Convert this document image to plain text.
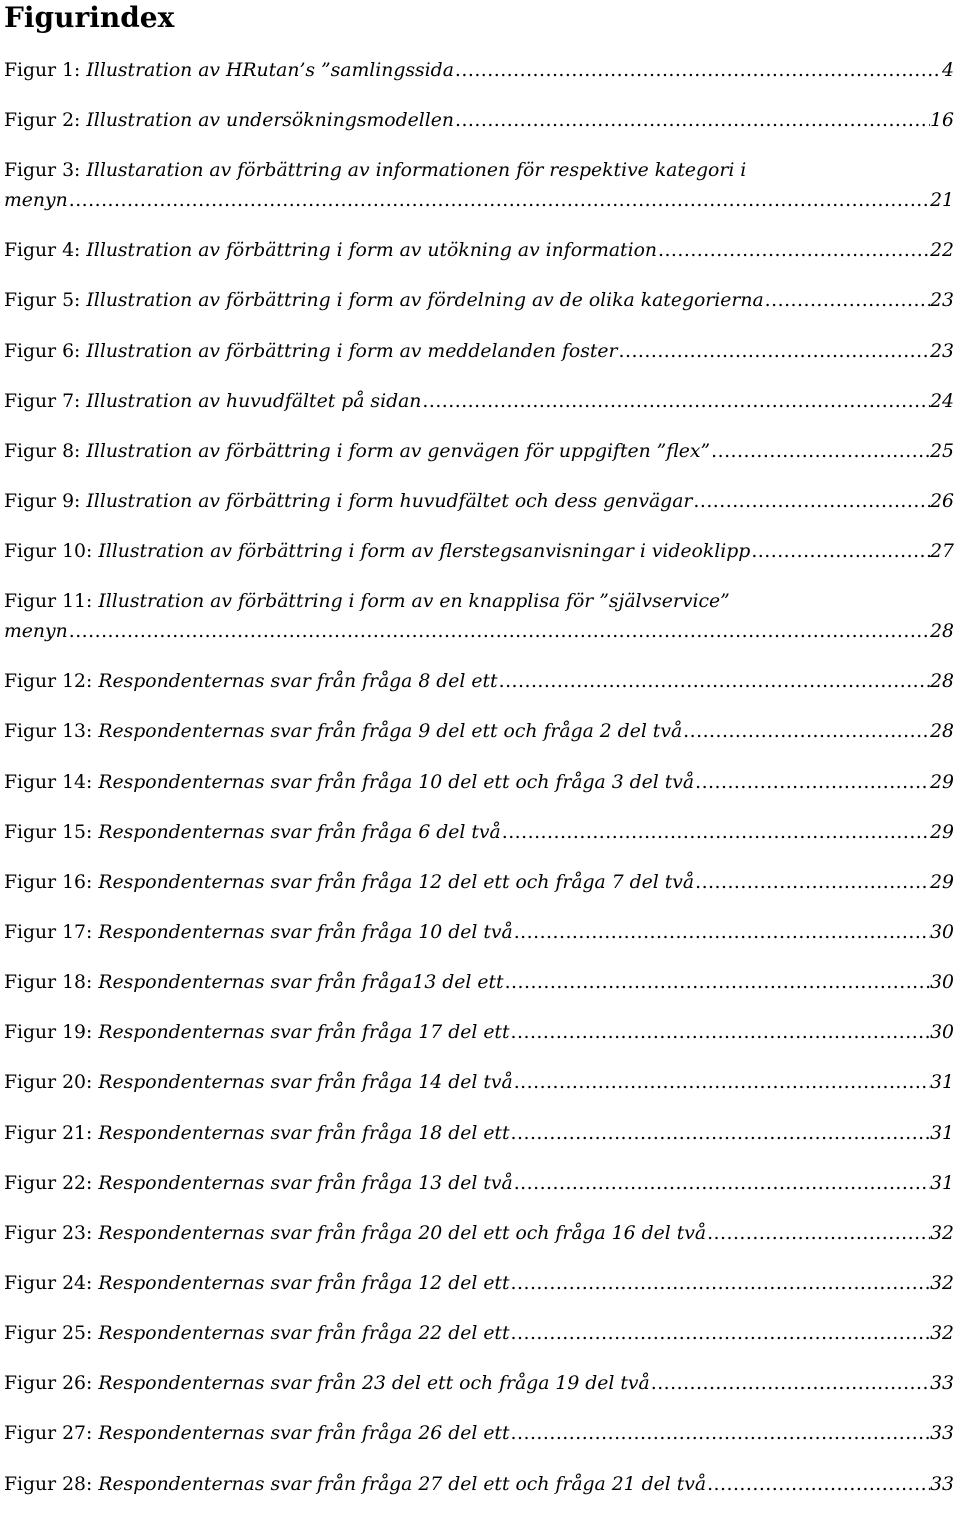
Figurindex
Figur 1: Illustration av HRutan’s ”samlingssida .....	4
Figur 2: Illustration av undersökningsmodellen .....	16
Figur 3: Illustaration av förbättring av informationen för respektive kategori i
menyn .....	21
Figur 4: Illustration av förbättring i form av utökning av information .....	22
Figur 5: Illustration av förbättring i form av fördelning av de olika kategorierna .....	23
Figur 6: Illustration av förbättring i form av meddelanden foster .....	23
Figur 7: Illustration av huvudfältet på sidan .....	24
Figur 8: Illustration av förbättring i form av genvägen för uppgiften ”flex” .....	25
Figur 9: Illustration av förbättring i form huvudfältet och dess genvägar .....	26
Figur 10: Illustration av förbättring i form av flerstegsanvisningar i videoklipp .....	27
Figur 11: Illustration av förbättring i form av en knapplisa för ”självservice”
menyn .....	28
Figur 12: Respondenternas svar från fråga 8 del ett .....	28
Figur 13: Respondenternas svar från fråga 9 del ett och fråga 2 del två .....	28
Figur 14: Respondenternas svar från fråga 10 del ett och fråga 3 del två .....	29
Figur 15: Respondenternas svar från fråga 6 del två .....	29
Figur 16: Respondenternas svar från fråga 12 del ett och fråga 7 del två .....	29
Figur 17: Respondenternas svar från fråga 10 del två .....	30
Figur 18: Respondenternas svar från fråga13 del ett .....	30
Figur 19: Respondenternas svar från fråga 17 del ett .....	30
Figur 20: Respondenternas svar från fråga 14 del två .....	31
Figur 21: Respondenternas svar från fråga 18 del ett .....	31
Figur 22: Respondenternas svar från fråga 13 del två .....	31
Figur 23: Respondenternas svar från fråga 20 del ett och fråga 16 del två .....	32
Figur 24: Respondenternas svar från fråga 12 del ett .....	32
Figur 25: Respondenternas svar från fråga 22 del ett .....	32
Figur 26: Respondenternas svar från 23 del ett och fråga 19 del två .....	33
Figur 27: Respondenternas svar från fråga 26 del ett .....	33
Figur 28: Respondenternas svar från fråga 27 del ett och fråga 21 del två .....	33
